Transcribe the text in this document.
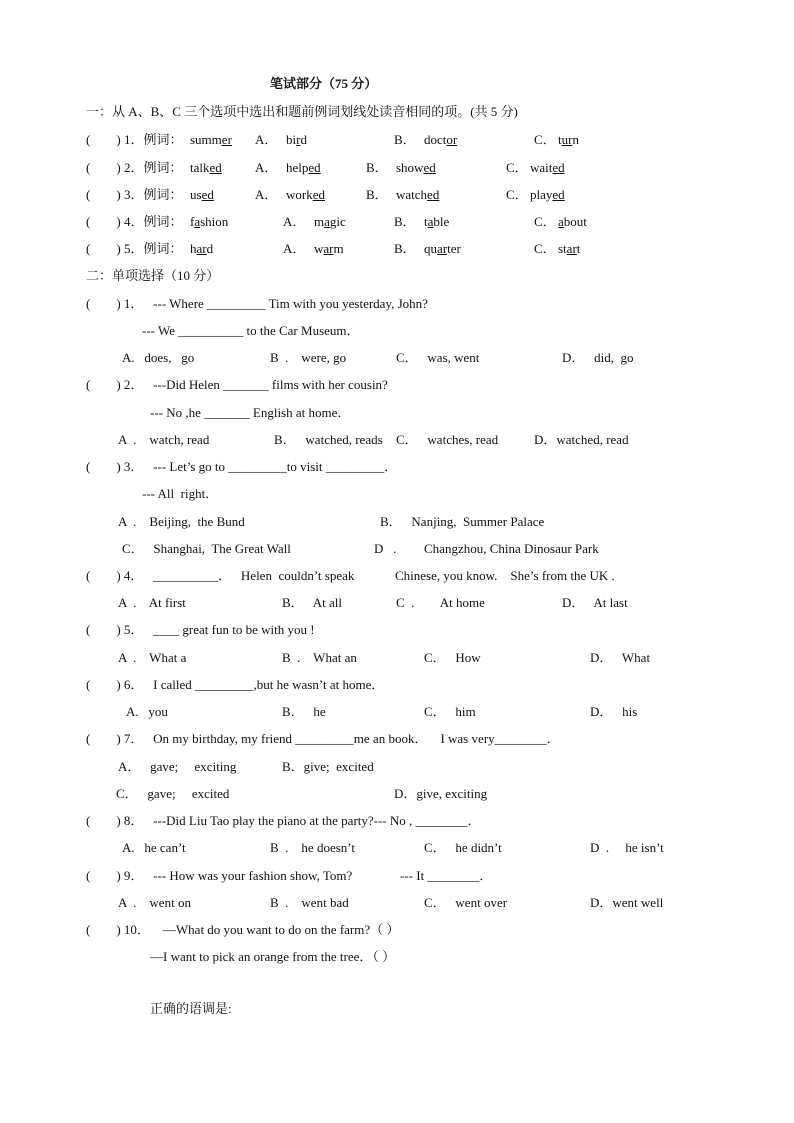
笔试部分（75 分）
一：从 A、B、C 三个选项中选出和题前例词划线处读音相同的项。(共 5 分)
(        ) 1．例词： summer A． bird	B． doctor	C． turn
(        ) 2．例词： talked	A． helped	B． showed	C． waited
(        ) 3．例词： used	A． worked	B． watched	C． played
(        ) 4．例词： fashion	A． magic	B． table	C． about
(        ) 5．例词： hard	A． warm	B． quarter	C． start
二：单项选择（10 分）
(        ) 1．   --- Where _________ Tim with you yesterday, John?
--- We __________ to the Car Museum．
A.   does,   go	B  .    were, go	C．   was, went	D．   did,  go
(        ) 2．   ---Did Helen _______ films with her cousin?
--- No ,he _______ English at home．
A  .    watch, read	B．   watched, reads C．   watches, read	D．watched, read
(        ) 3．   --- Let’s go to _________to visit _________．
--- All  right．
A  .    Beijing,  the Bund	B．   Nanjing,  Summer Palace
C．   Shanghai,  The Great Wall	D   . Changzhou, China Dinosaur Park
(        ) 4．   __________．   Helen  couldn’t speak	Chinese, you know.    She’s from the UK .
A  .    At first	B．   At all	C  .        At home	D．   At last
(        ) 5．   ____ great fun to be with you !
A  .    What a	B  .    What an	C．   How	D．   What
(        ) 6．   I called _________,but he wasn’t at home．
A.   you	B．   he	C．   him	D．   his
(        ) 7．   On my birthday, my friend _________me an book．    I was very________．
A．   gave;     exciting	B．give;  excited
C．   gave;     excited	D．give, exciting
(        ) 8．   ---Did Liu Tao play the piano at the party?--- No , ________．
A.   he can’t	B  .    he doesn’t	C．   he didn’t	D  .     he isn’t
(        ) 9．   --- How was your fashion show, Tom?	--- It ________．
A  .    went on	B  .    went bad	C．   went over	D．went well
(        ) 10．    —What do you want to do on the farm?（ ）
—I want to pick an orange from the tree．（ ）
正确的语调是:
